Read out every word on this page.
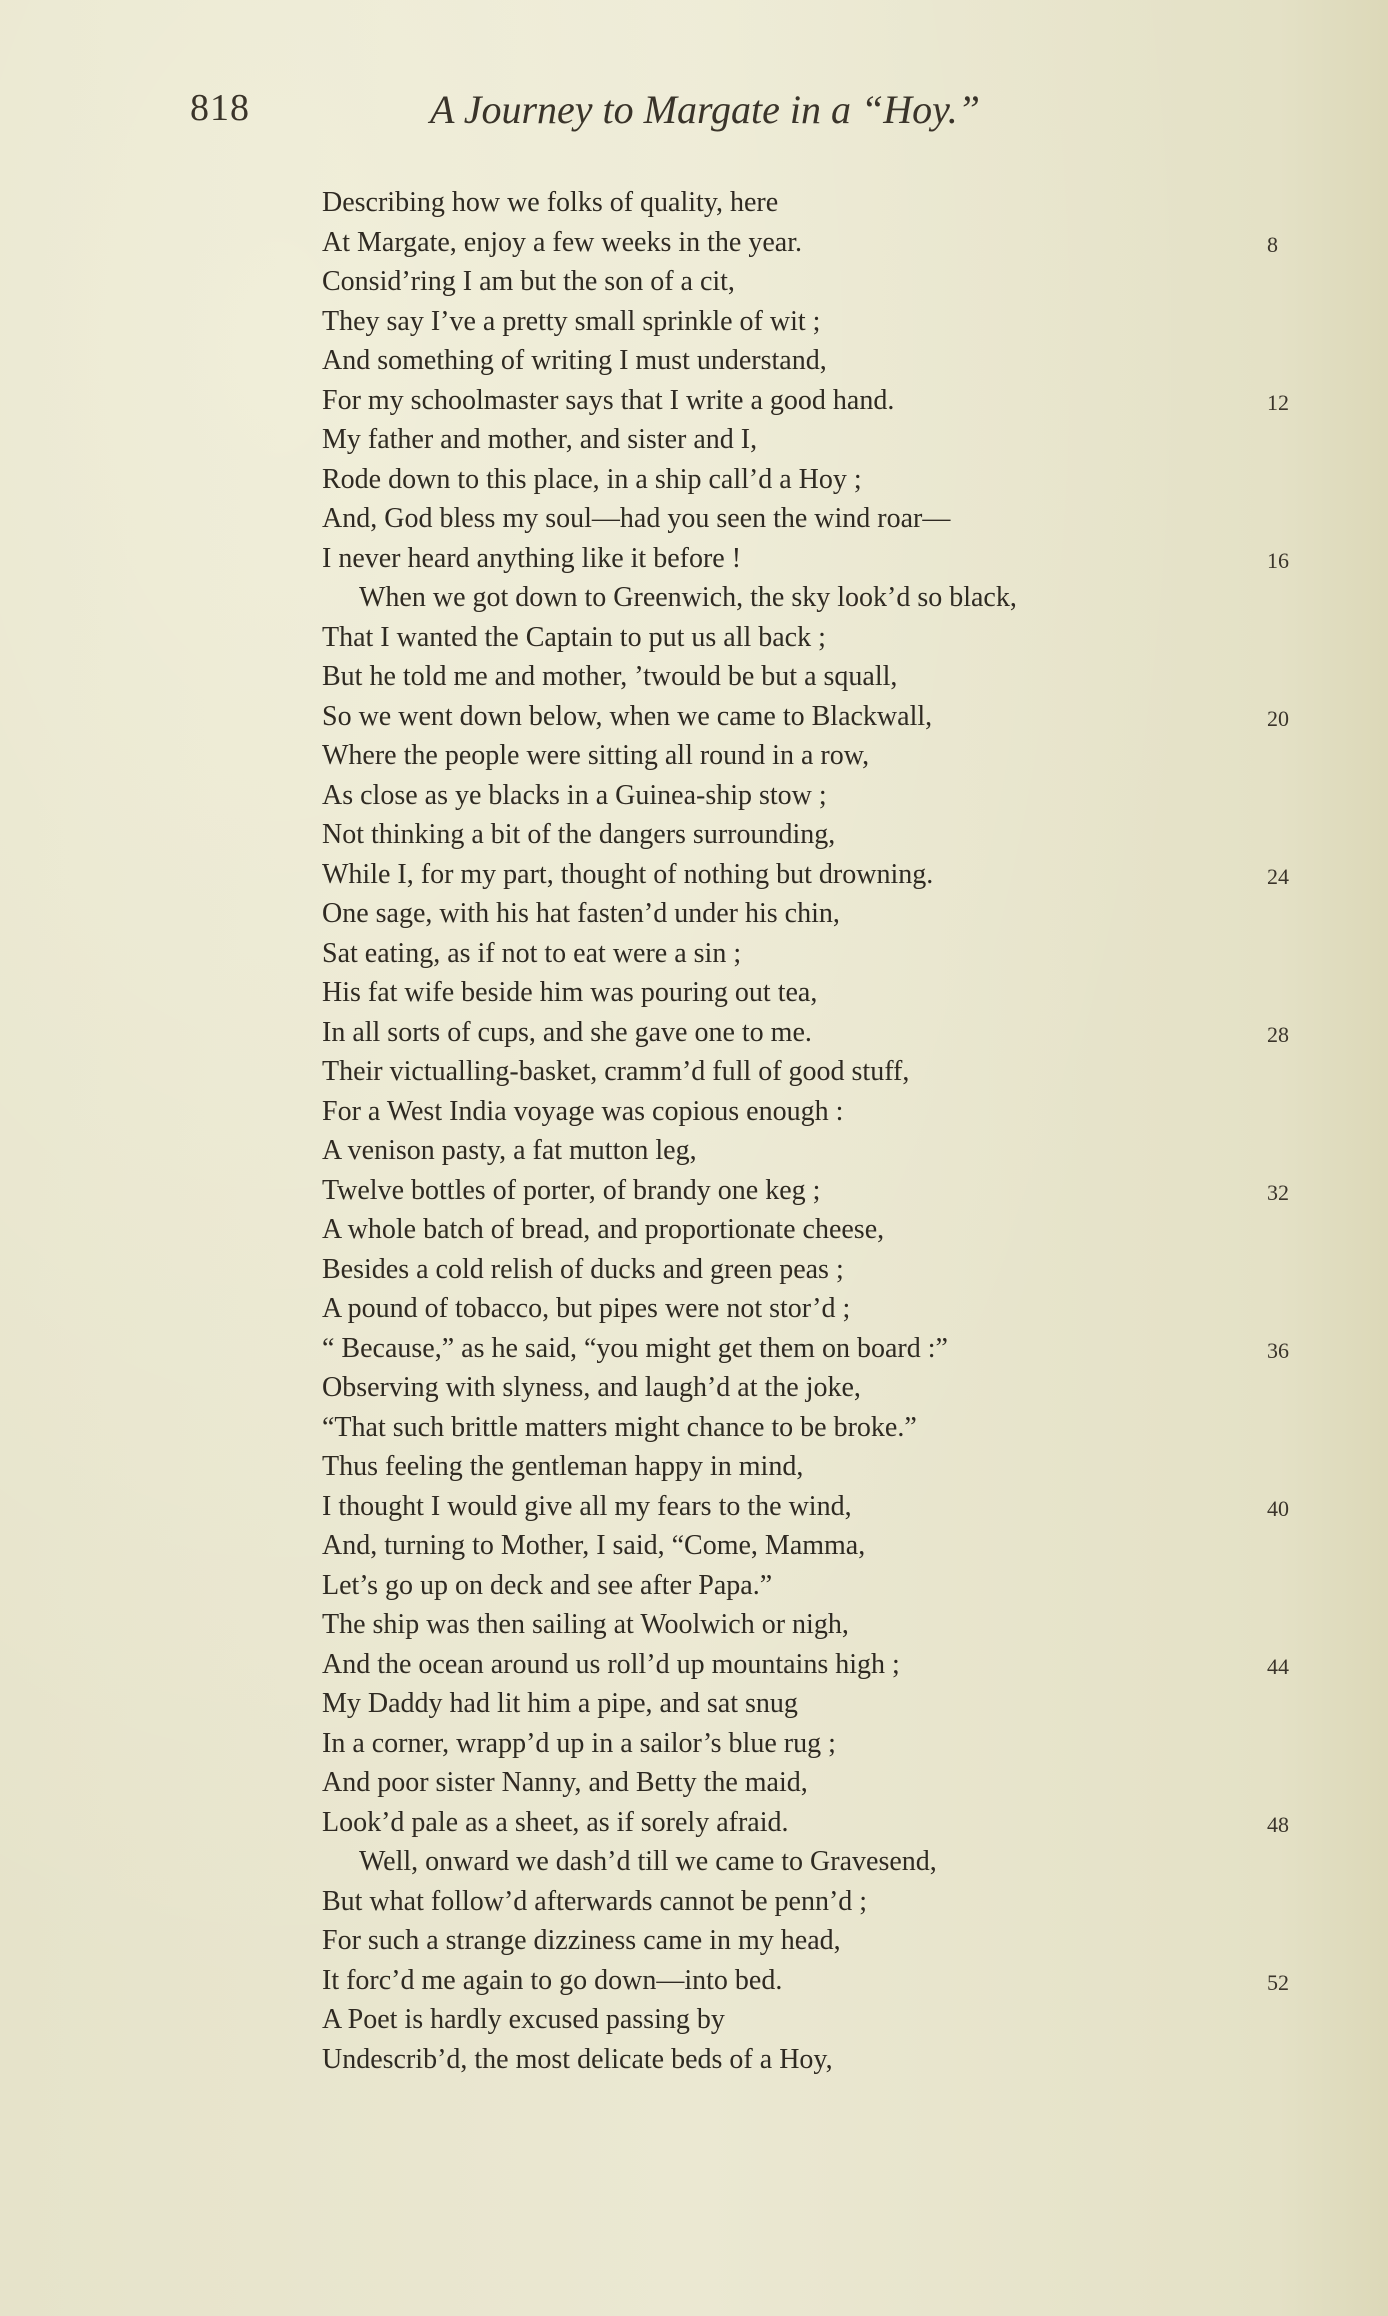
818	A Journey to Margate in a “Hoy.”
Describing how we folks of quality, here
At Margate, enjoy a few weeks in the year.	8
Consid’ring I am but the son of a cit,
They say I’ve a pretty small sprinkle of wit ;
And something of writing I must understand,
For my schoolmaster says that I write a good hand.	12
My father and mother, and sister and I,
Rode down to this place, in a ship call’d a Hoy ;
And, God bless my soul—had you seen the wind roar—
I never heard anything like it before !	16
When we got down to Greenwich, the sky look’d so black,
That I wanted the Captain to put us all back ;
But he told me and mother, ’twould be but a squall,
So we went down below, when we came to Blackwall,	20
Where the people were sitting all round in a row,
As close as ye blacks in a Guinea-ship stow ;
Not thinking a bit of the dangers surrounding,
While I, for my part, thought of nothing but drowning.	24
One sage, with his hat fasten’d under his chin,
Sat eating, as if not to eat were a sin ;
His fat wife beside him was pouring out tea,
In all sorts of cups, and she gave one to me.	28
Their victualling-basket, cramm’d full of good stuff,
For a West India voyage was copious enough :
A venison pasty, a fat mutton leg,
Twelve bottles of porter, of brandy one keg ;	32
A whole batch of bread, and proportionate cheese,
Besides a cold relish of ducks and green peas ;
A pound of tobacco, but pipes were not stor’d ;
“ Because,” as he said, “you might get them on board :”	36
Observing with slyness, and laugh’d at the joke,
“That such brittle matters might chance to be broke.”
Thus feeling the gentleman happy in mind,
I thought I would give all my fears to the wind,	40
And, turning to Mother, I said, “Come, Mamma,
Let’s go up on deck and see after Papa.”
The ship was then sailing at Woolwich or nigh,
And the ocean around us roll’d up mountains high ;	44
My Daddy had lit him a pipe, and sat snug
In a corner, wrapp’d up in a sailor’s blue rug ;
And poor sister Nanny, and Betty the maid,
Look’d pale as a sheet, as if sorely afraid.	48
Well, onward we dash’d till we came to Gravesend,
But what follow’d afterwards cannot be penn’d ;
For such a strange dizziness came in my head,
It forc’d me again to go down—into bed.	52
A Poet is hardly excused passing by
Undescrib’d, the most delicate beds of a Hoy,
